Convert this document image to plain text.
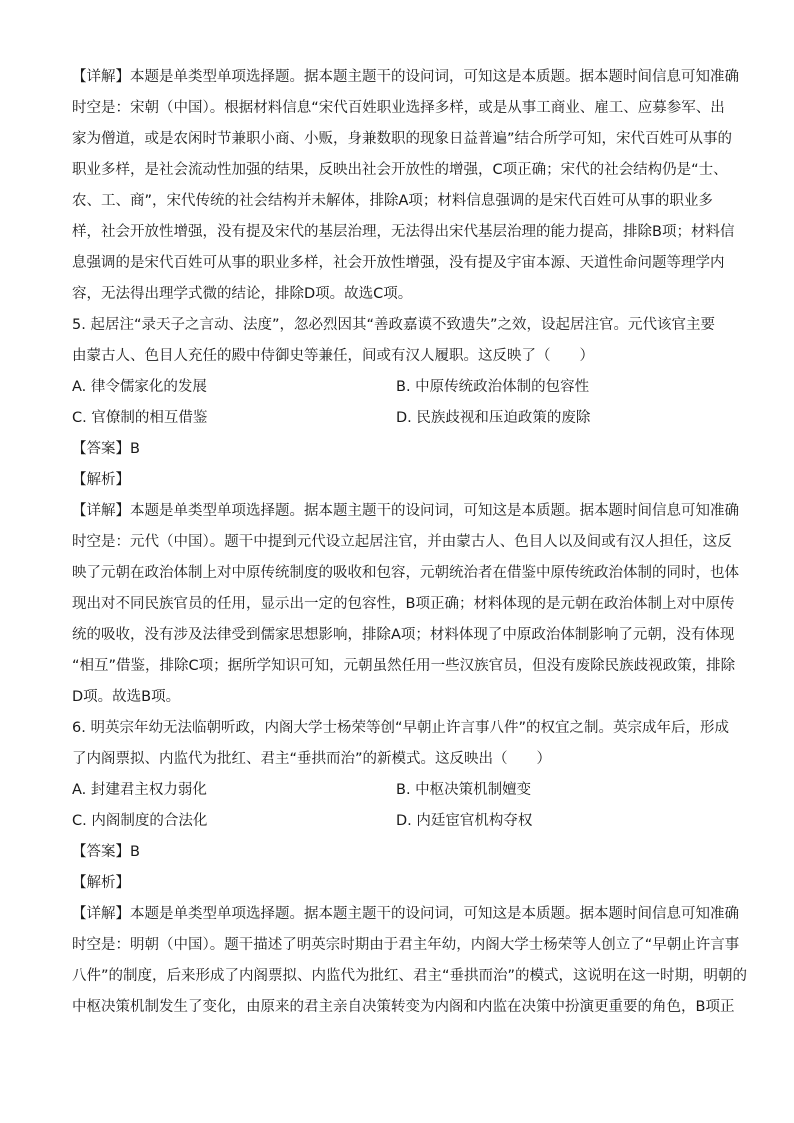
【详解】本题是单类型单项选择题。据本题主题干的设问词，可知这是本质题。据本题时间信息可知准确
时空是：宋朝（中国）。根据材料信息“宋代百姓职业选择多样，或是从事工商业、雇工、应募参军、出
家为僧道，或是农闲时节兼职小商、小贩，身兼数职的现象日益普遍”结合所学可知，宋代百姓可从事的
职业多样，是社会流动性加强的结果，反映出社会开放性的增强，C项正确；宋代的社会结构仍是“士、
农、工、商”，宋代传统的社会结构并未解体，排除A项；材料信息强调的是宋代百姓可从事的职业多
样，社会开放性增强，没有提及宋代的基层治理，无法得出宋代基层治理的能力提高，排除B项；材料信
息强调的是宋代百姓可从事的职业多样，社会开放性增强，没有提及宇宙本源、天道性命问题等理学内
容，无法得出理学式微的结论，排除D项。故选C项。
5. 起居注“录天子之言动、法度”，忽必烈因其“善政嘉谟不致遗失”之效，设起居注官。元代该官主要
由蒙古人、色目人充任的殿中侍御史等兼任，间或有汉人履职。这反映了（　　）
A. 律令儒家化的发展	B. 中原传统政治体制的包容性
C. 官僚制的相互借鉴	D. 民族歧视和压迫政策的废除
【答案】B
【解析】
【详解】本题是单类型单项选择题。据本题主题干的设问词，可知这是本质题。据本题时间信息可知准确
时空是：元代（中国）。题干中提到元代设立起居注官，并由蒙古人、色目人以及间或有汉人担任，这反
映了元朝在政治体制上对中原传统制度的吸收和包容，元朝统治者在借鉴中原传统政治体制的同时，也体
现出对不同民族官员的任用，显示出一定的包容性，B项正确；材料体现的是元朝在政治体制上对中原传
统的吸收，没有涉及法律受到儒家思想影响，排除A项；材料体现了中原政治体制影响了元朝，没有体现
“相互”借鉴，排除C项；据所学知识可知，元朝虽然任用一些汉族官员，但没有废除民族歧视政策，排除
D项。故选B项。
6. 明英宗年幼无法临朝听政，内阁大学士杨荣等创“早朝止许言事八件”的权宜之制。英宗成年后，形成
了内阁票拟、内监代为批红、君主“垂拱而治”的新模式。这反映出（　　）
A. 封建君主权力弱化	B. 中枢决策机制嬗变
C. 内阁制度的合法化	D. 内廷宦官机构夺权
【答案】B
【解析】
【详解】本题是单类型单项选择题。据本题主题干的设问词，可知这是本质题。据本题时间信息可知准确
时空是：明朝（中国）。题干描述了明英宗时期由于君主年幼，内阁大学士杨荣等人创立了“早朝止许言事
八件”的制度，后来形成了内阁票拟、内监代为批红、君主“垂拱而治”的模式，这说明在这一时期，明朝的
中枢决策机制发生了变化，由原来的君主亲自决策转变为内阁和内监在决策中扮演更重要的角色，B项正
